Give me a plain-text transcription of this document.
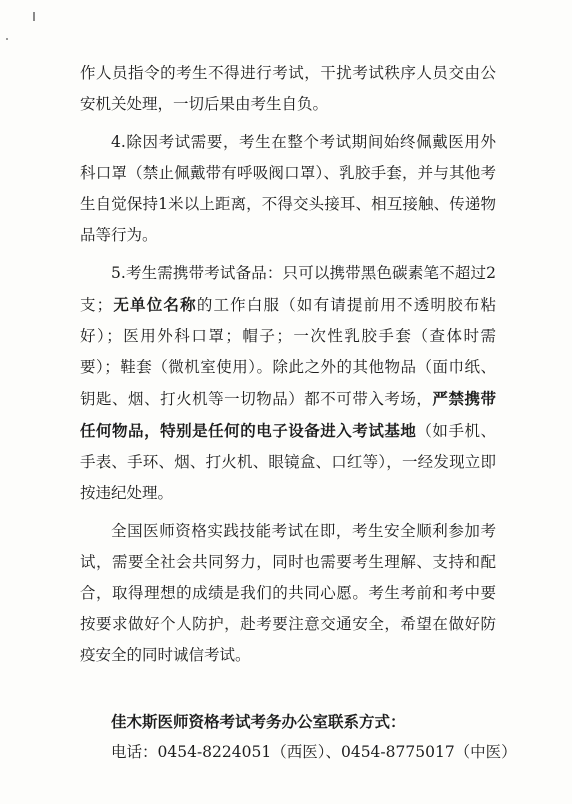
作人员指令的考生不得进行考试，干扰考试秩序人员交由公安机关处理，一切后果由考生自负。

4.除因考试需要，考生在整个考试期间始终佩戴医用外科口罩（禁止佩戴带有呼吸阀口罩）、乳胶手套，并与其他考生自觉保持1米以上距离，不得交头接耳、相互接触、传递物品等行为。

5.考生需携带考试备品：只可以携带黑色碳素笔不超过2支；无单位名称的工作白服（如有请提前用不透明胶布粘好）；医用外科口罩；帽子；一次性乳胶手套（查体时需要）；鞋套（微机室使用）。除此之外的其他物品（面巾纸、钥匙、烟、打火机等一切物品）都不可带入考场，严禁携带任何物品，特别是任何的电子设备进入考试基地（如手机、手表、手环、烟、打火机、眼镜盒、口红等），一经发现立即按违纪处理。

全国医师资格实践技能考试在即，考生安全顺利参加考试，需要全社会共同努力，同时也需要考生理解、支持和配合，取得理想的成绩是我们的共同心愿。考生考前和考中要按要求做好个人防护，赴考要注意交通安全，希望在做好防疫安全的同时诚信考试。

佳木斯医师资格考试考务办公室联系方式：

电话：0454-8224051（西医）、0454-8775017（中医）
